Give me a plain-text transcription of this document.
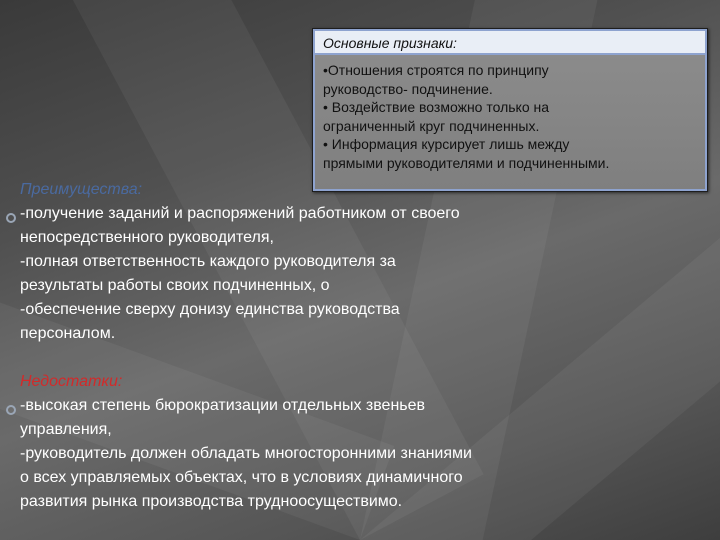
Преимущества:
-получение заданий и распоряжений работником от своего
непосредственного руководителя,
-полная ответственность каждого руководителя за
результаты работы своих подчиненных, о
-обеспечение сверху донизу единства руководства
персоналом.
Недостатки:
-высокая степень бюрократизации отдельных звеньев
управления,
-руководитель должен обладать многосторонними знаниями
о всех управляемых объектах, что в условиях динамичного
развития рынка производства трудноосуществимо.
Основные признаки:
•Отношения строятся по принципу
руководство- подчинение.
• Воздействие возможно только на
ограниченный круг подчиненных.
• Информация курсирует лишь между
прямыми руководителями и подчиненными.
